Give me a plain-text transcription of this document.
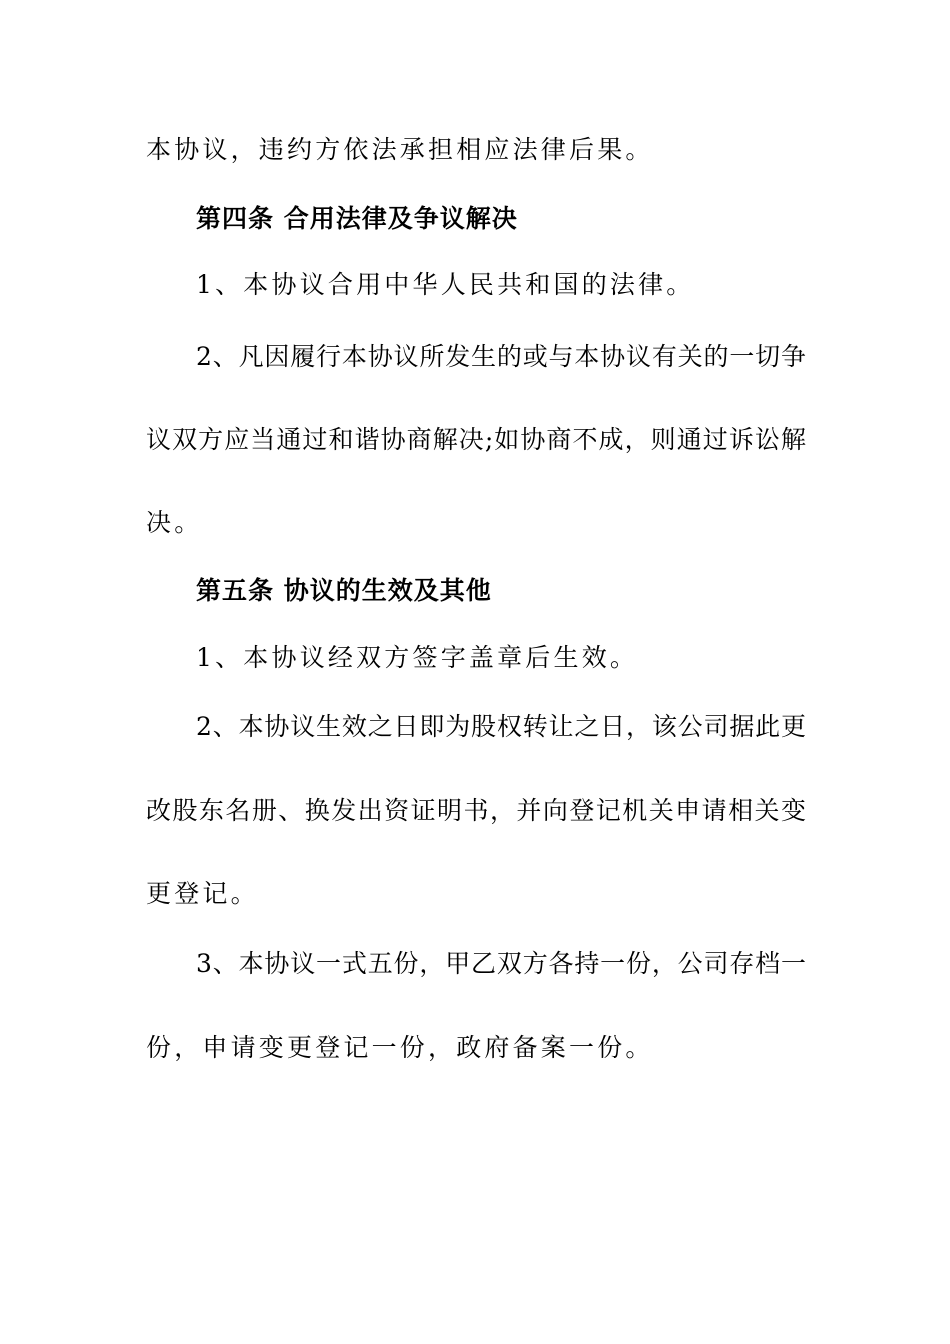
本协议，违约方依法承担相应法律后果。
第四条 合用法律及争议解决
1、本协议合用中华人民共和国的法律。
2、凡因履行本协议所发生的或与本协议有关的一切争
议双方应当通过和谐协商解决;如协商不成，则通过诉讼解
决。
第五条 协议的生效及其他
1、本协议经双方签字盖章后生效。
2、本协议生效之日即为股权转让之日，该公司据此更
改股东名册、换发出资证明书，并向登记机关申请相关变
更登记。
3、本协议一式五份，甲乙双方各持一份，公司存档一
份，申请变更登记一份，政府备案一份。
